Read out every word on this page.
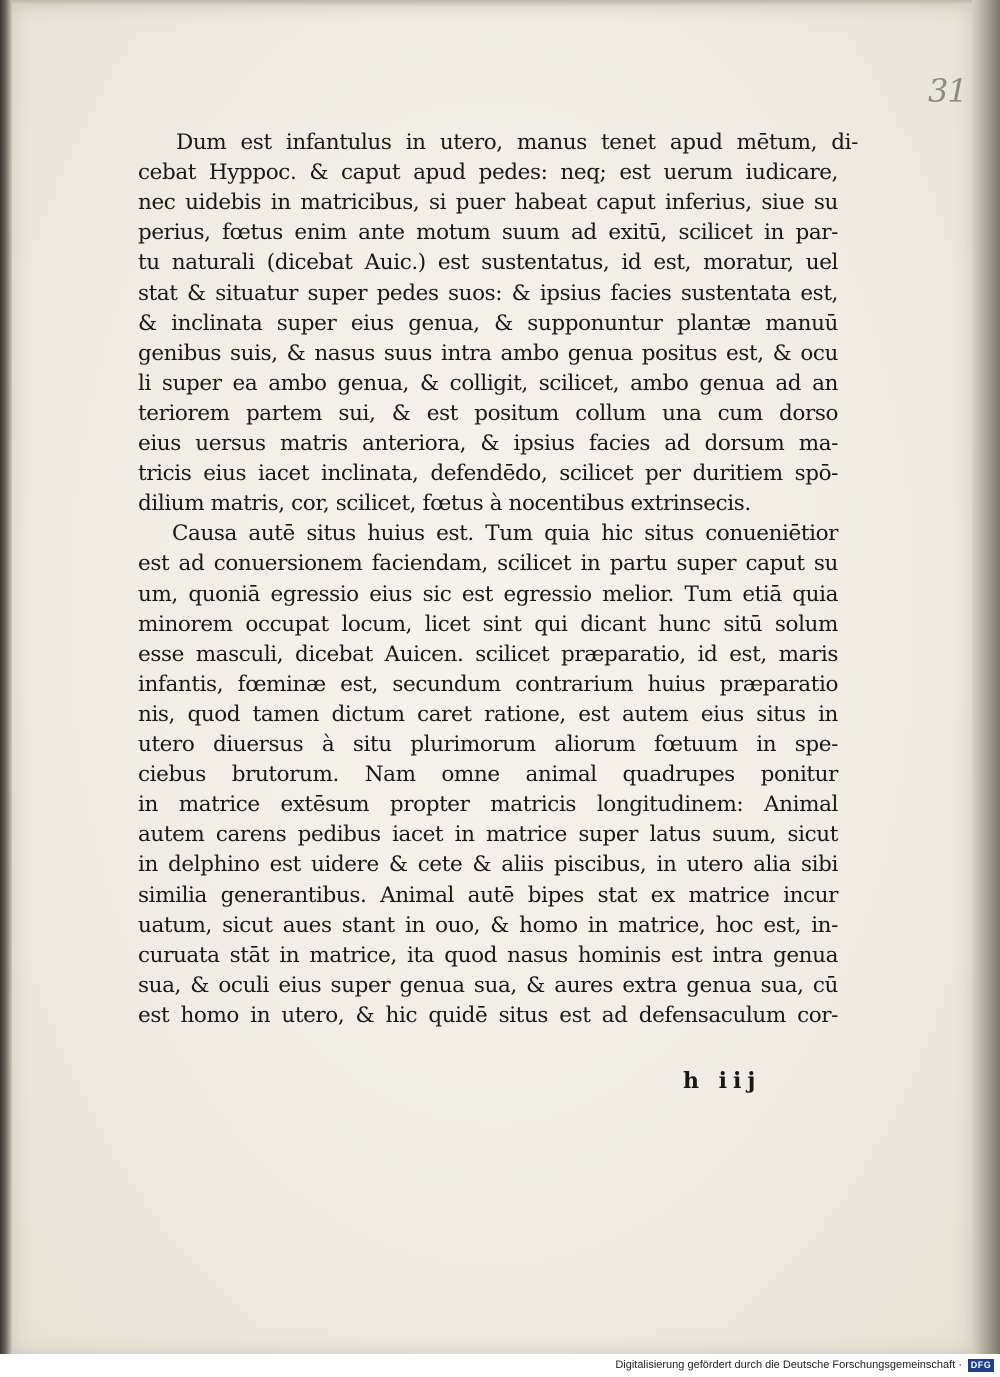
31
Dum est infantulus in utero, manus tenet apud mētum, di-
cebat Hyppoc. & caput apud pedes: neq; est uerum iudicare,
nec uidebis in matricibus, si puer habeat caput inferius, siue su
perius, fœtus enim ante motum suum ad exitū, scilicet in par-
tu naturali (dicebat Auic.) est sustentatus, id est, moratur, uel
stat & situatur super pedes suos: & ipsius facies sustentata est,
& inclinata super eius genua, & supponuntur plantæ manuū
genibus suis, & nasus suus intra ambo genua positus est, & ocu
li super ea ambo genua, & colligit, scilicet, ambo genua ad an
teriorem partem sui, & est positum collum una cum dorso
eius uersus matris anteriora, & ipsius facies ad dorsum ma-
tricis eius iacet inclinata, defendēdo, scilicet per duritiem spō-
dilium matris, cor, scilicet, fœtus à nocentibus extrinsecis.
Causa autē situs huius est. Tum quia hic situs conueniētior
est ad conuersionem faciendam, scilicet in partu super caput su
um, quoniā egressio eius sic est egressio melior. Tum etiā quia
minorem occupat locum, licet sint qui dicant hunc sitū solum
esse masculi, dicebat Auicen. scilicet præparatio, id est, maris
infantis, fœminæ est, secundum contrarium huius præparatio
nis, quod tamen dictum caret ratione, est autem eius situs in
utero diuersus à situ plurimorum aliorum fœtuum in spe-
ciebus brutorum. Nam omne animal quadrupes ponitur
in matrice extēsum propter matricis longitudinem: Animal
autem carens pedibus iacet in matrice super latus suum, sicut
in delphino est uidere & cete & aliis piscibus, in utero alia sibi
similia generantibus. Animal autē bipes stat ex matrice incur
uatum, sicut aues stant in ouo, & homo in matrice, hoc est, in-
curuata stāt in matrice, ita quod nasus hominis est intra genua
sua, & oculi eius super genua sua, & aures extra genua sua, cū
est homo in utero, & hic quidē situs est ad defensaculum cor-
h iij
Digitalisierung gefördert durch die Deutsche Forschungsgemeinschaft · DFG
